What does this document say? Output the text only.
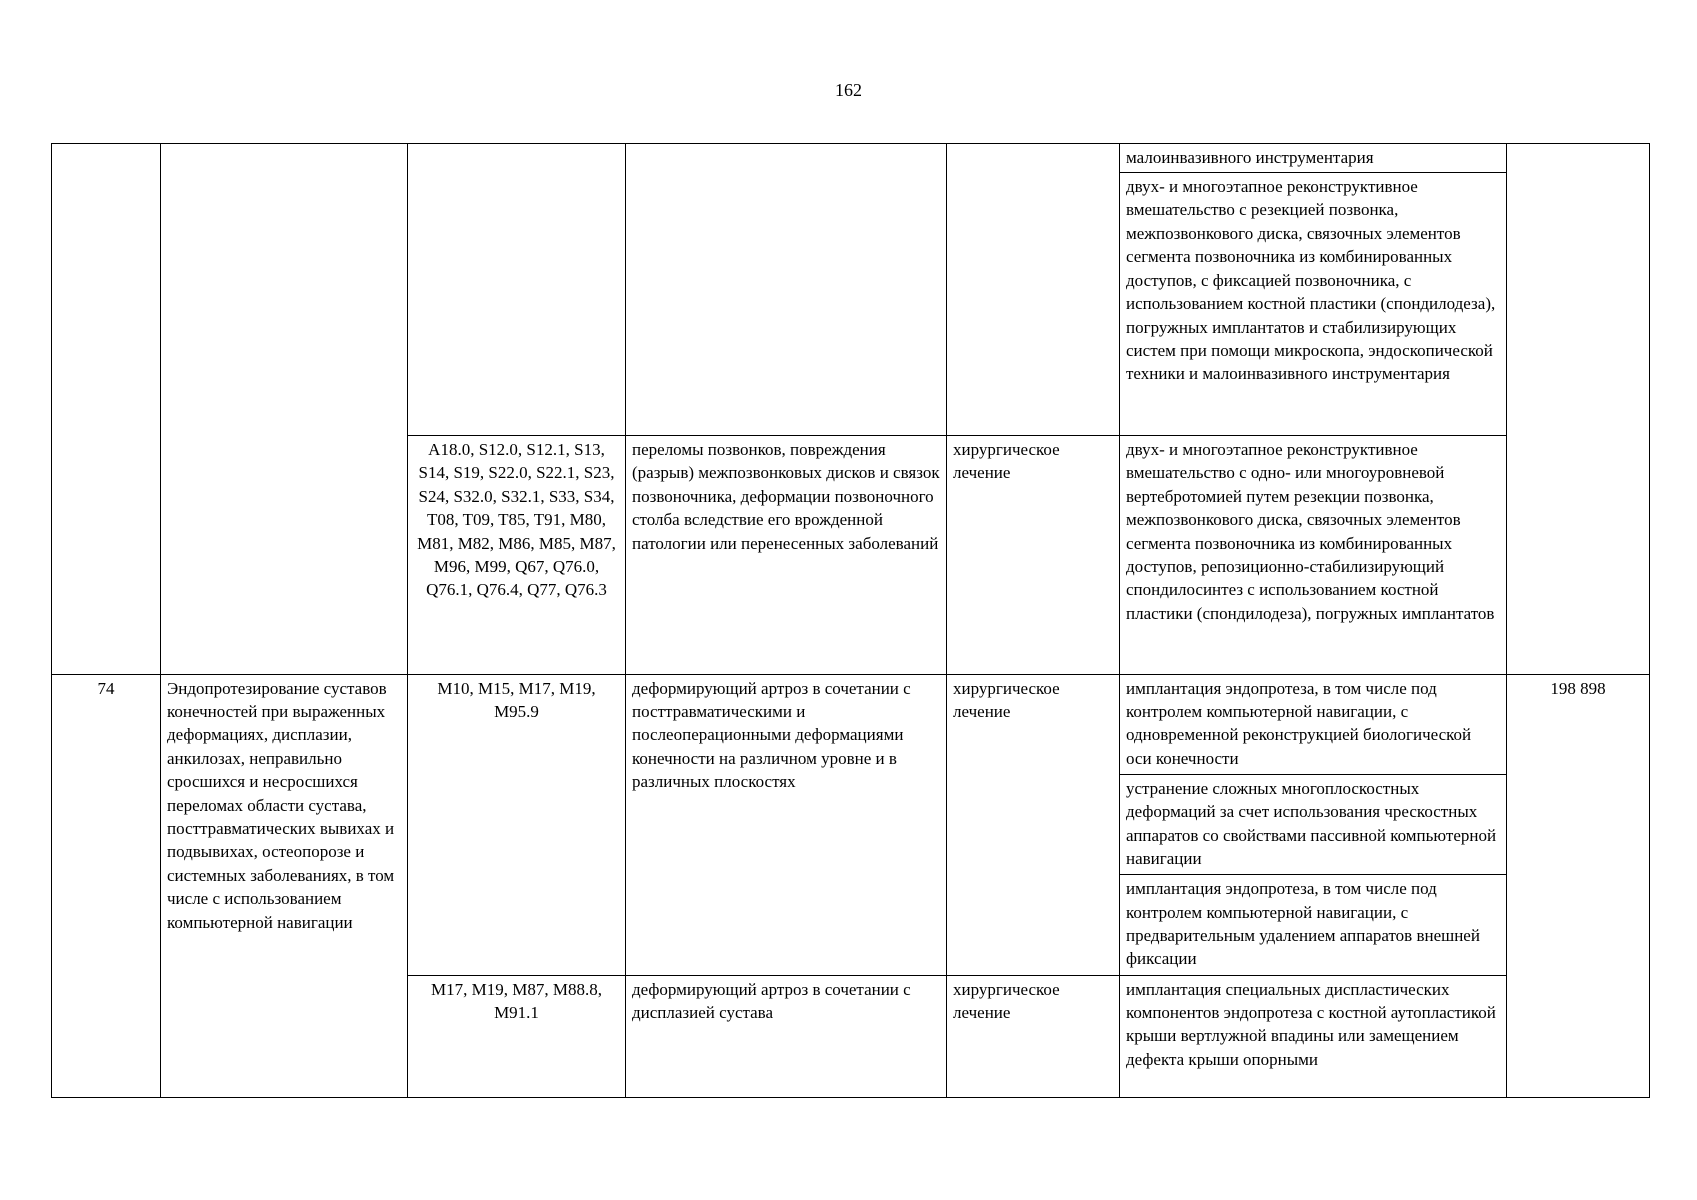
162
					малоинвазивного инструментария	
					двух- и многоэтапное реконструктивное вмешательство с резекцией позвонка, межпозвонкового диска, связочных элементов сегмента позвоночника из комбинированных доступов, с фиксацией позвоночника, с использованием костной пластики (спондилодеза), погружных имплантатов и стабилизирующих систем при помощи микроскопа, эндоскопической техники и малоинвазивного инструментария	
		A18.0, S12.0, S12.1, S13, S14, S19, S22.0, S22.1, S23, S24, S32.0, S32.1, S33, S34, T08, T09, T85, T91, M80, M81, M82, M86, M85, M87, M96, M99, Q67, Q76.0, Q76.1, Q76.4, Q77, Q76.3	переломы позвонков, повреждения (разрыв) межпозвонковых дисков и связок позвоночника, деформации позвоночного столба вследствие его врожденной патологии или перенесенных заболеваний	хирургическое лечение	двух- и многоэтапное реконструктивное вмешательство с одно- или многоуровневой вертебротомией путем резекции позвонка, межпозвонкового диска, связочных элементов сегмента позвоночника из комбинированных доступов, репозиционно-стабилизирующий спондилосинтез с использованием костной пластики (спондилодеза), погружных имплантатов	
74	Эндопротезирование суставов конечностей при выраженных деформациях, дисплазии, анкилозах, неправильно сросшихся и несросшихся переломах области сустава, посттравматических вывихах и подвывихах, остеопорозе и системных заболеваниях, в том числе с использованием компьютерной навигации	M10, M15, M17, M19, M95.9	деформирующий артроз в сочетании с посттравматическими и послеоперационными деформациями конечности на различном уровне и в различных плоскостях	хирургическое лечение	имплантация эндопротеза, в том числе под контролем компьютерной навигации, с одновременной реконструкцией биологической оси конечности	198 898
					устранение сложных многоплоскостных деформаций за счет использования чрескостных аппаратов со свойствами пассивной компьютерной навигации	
					имплантация эндопротеза, в том числе под контролем компьютерной навигации, с предварительным удалением аппаратов внешней фиксации	
		M17, M19, M87, M88.8, M91.1	деформирующий артроз в сочетании с дисплазией сустава	хирургическое лечение	имплантация специальных диспластических компонентов эндопротеза с костной аутопластикой крыши вертлужной впадины или замещением дефекта крыши опорными	
